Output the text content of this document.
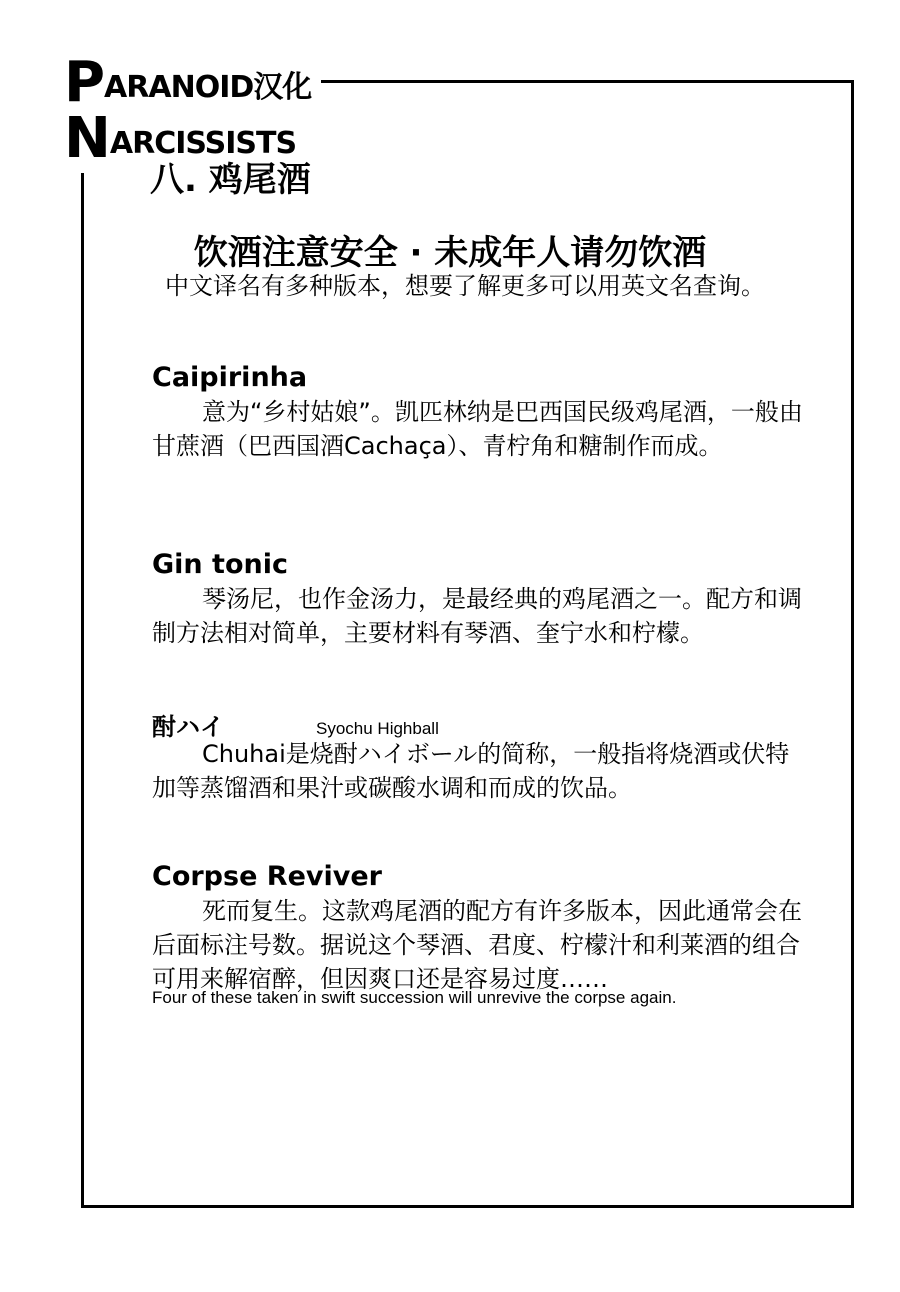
PARANOID汉化
NARCISSISTS
八. 鸡尾酒
饮酒注意安全 · 未成年人请勿饮酒
中文译名有多种版本，想要了解更多可以用英文名查询。
Caipirinha

意为“乡村姑娘”。凯匹林纳是巴西国民级鸡尾酒，一般由甘蔗酒（巴西国酒Cachaça）、青柠角和糖制作而成。

Gin tonic

琴汤尼，也作金汤力，是最经典的鸡尾酒之一。配方和调制方法相对简单，主要材料有琴酒、奎宁水和柠檬。

酎ハイ	Syochu Highball

Chuhai是烧酎ハイボール的简称，一般指将烧酒或伏特加等蒸馏酒和果汁或碳酸水调和而成的饮品。

Corpse Reviver

死而复生。这款鸡尾酒的配方有许多版本，因此通常会在后面标注号数。据说这个琴酒、君度、柠檬汁和利莱酒的组合可用来解宿醉，但因爽口还是容易过度……

Four of these taken in swift succession will unrevive the corpse again.
